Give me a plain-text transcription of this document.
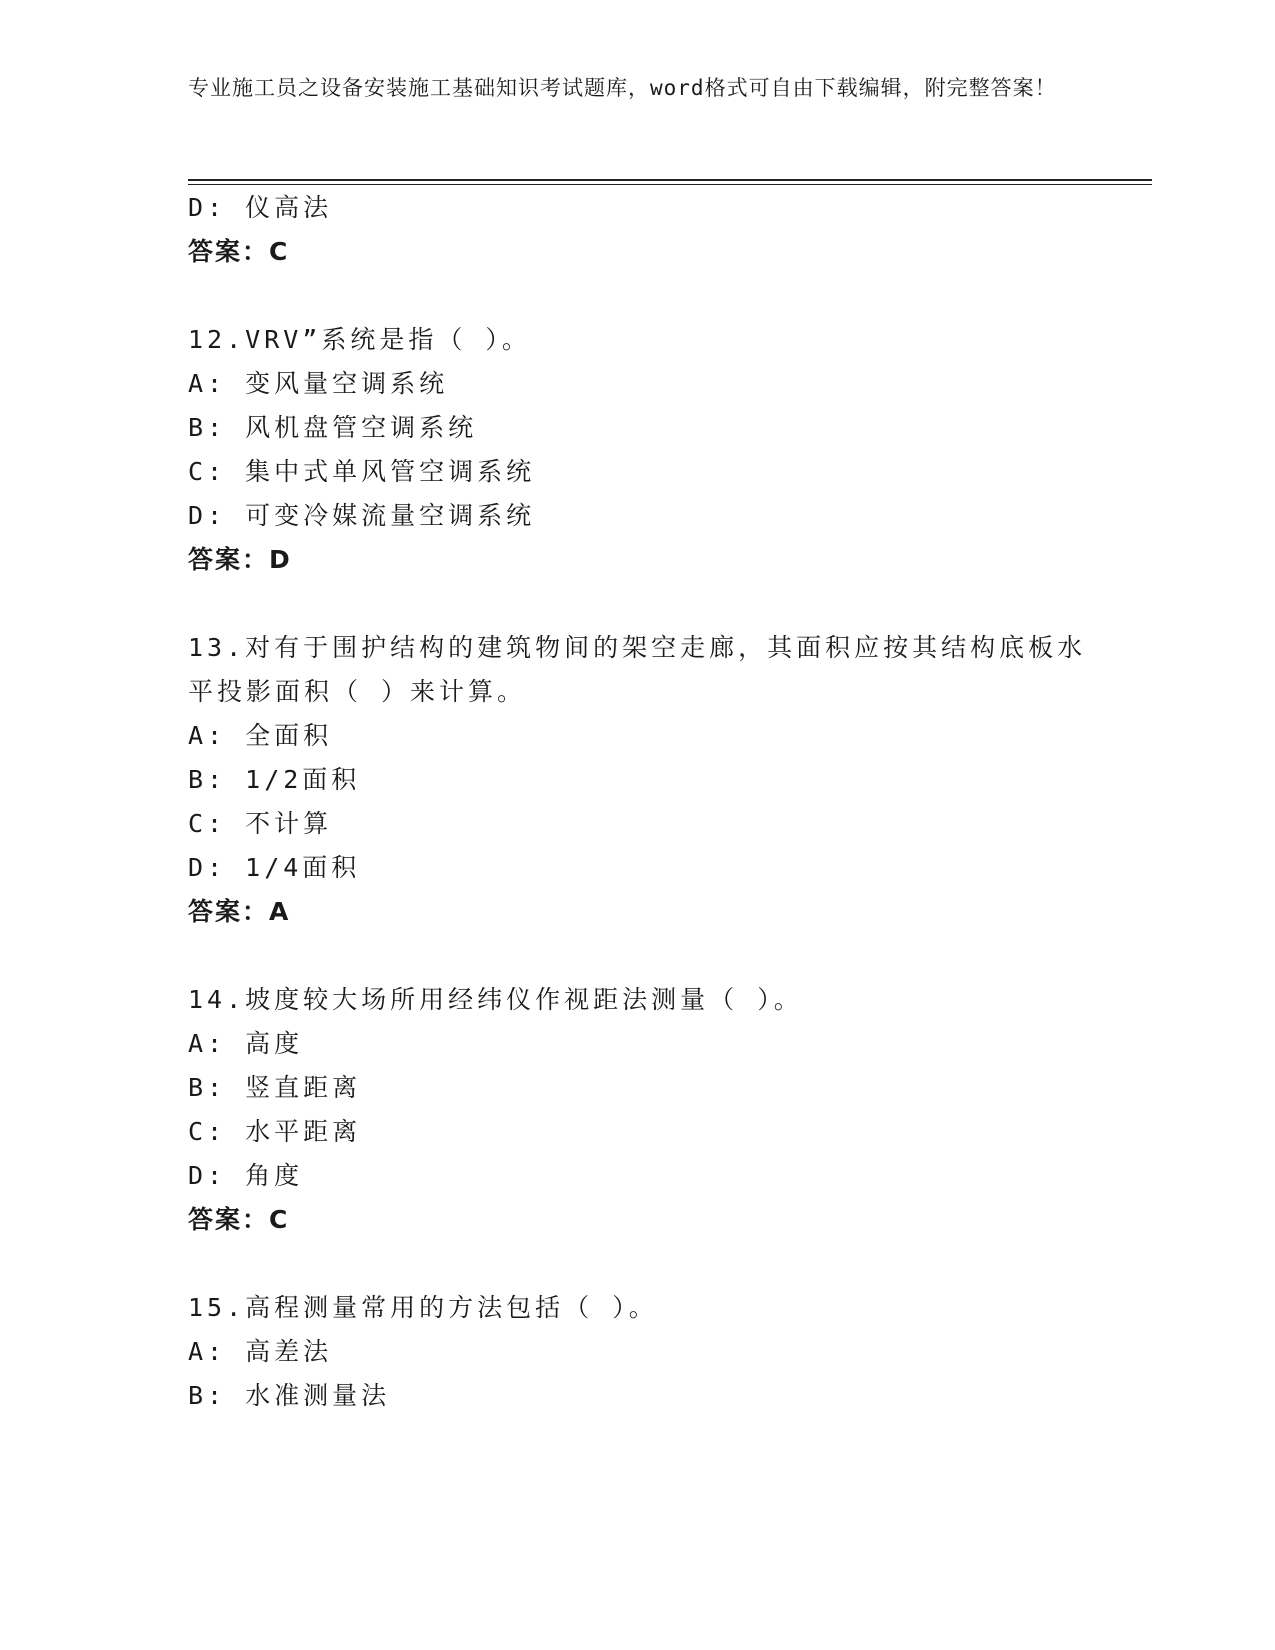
专业施工员之设备安装施工基础知识考试题库，word格式可自由下载编辑，附完整答案！
D: 仪高法
答案：C
12.VRV”系统是指（ ）。
A: 变风量空调系统
B: 风机盘管空调系统
C: 集中式单风管空调系统
D: 可变冷媒流量空调系统
答案：D
13.对有于围护结构的建筑物间的架空走廊，其面积应按其结构底板水
平投影面积（ ）来计算。
A: 全面积
B: 1/2面积
C: 不计算
D: 1/4面积
答案：A
14.坡度较大场所用经纬仪作视距法测量（ ）。
A: 高度
B: 竖直距离
C: 水平距离
D: 角度
答案：C
15.高程测量常用的方法包括（ ）。
A: 高差法
B: 水准测量法
